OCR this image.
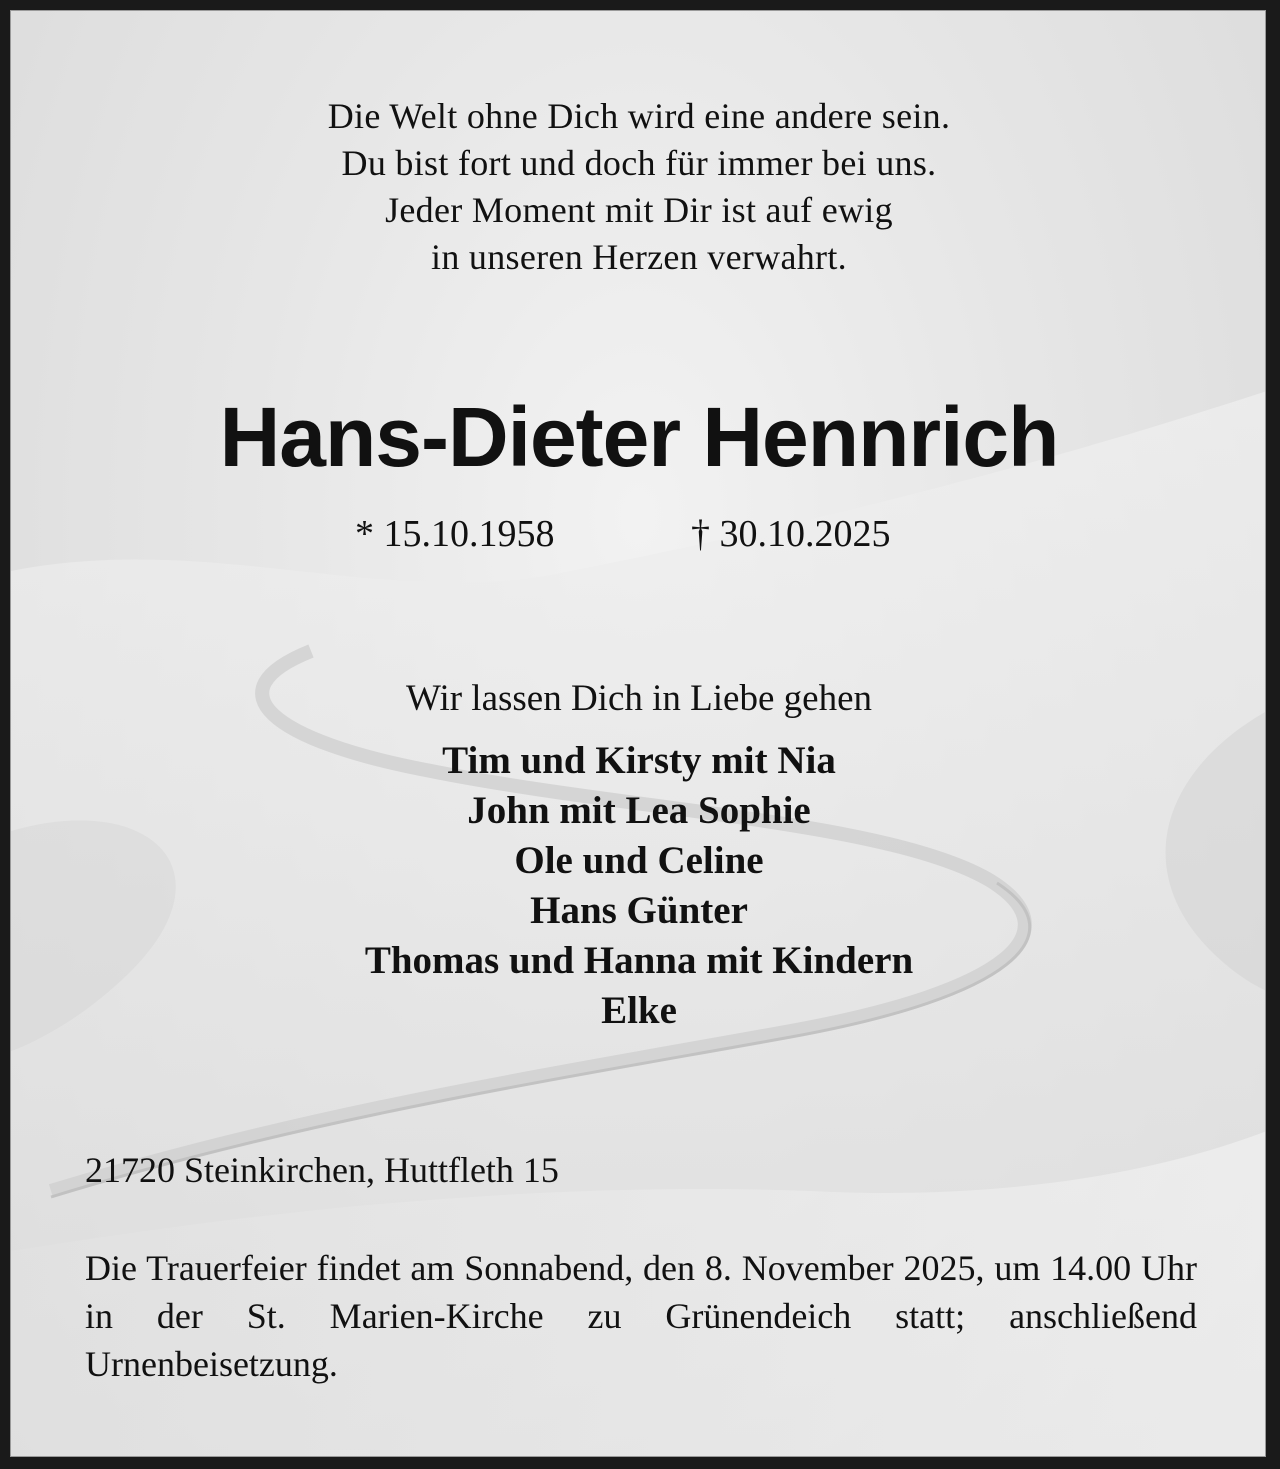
Die Welt ohne Dich wird eine andere sein.
Du bist fort und doch für immer bei uns.
Jeder Moment mit Dir ist auf ewig
in unseren Herzen verwahrt.
Hans-Dieter Hennrich
* 15.10.1958	† 30.10.2025
Wir lassen Dich in Liebe gehen
Tim und Kirsty mit Nia
John mit Lea Sophie
Ole und Celine
Hans Günter
Thomas und Hanna mit Kindern
Elke
21720 Steinkirchen, Huttfleth 15
Die Trauerfeier findet am Sonnabend, den 8. November 2025, um 14.00 Uhr in der St. Marien-Kirche zu Grünendeich statt; anschließend Urnenbeisetzung.
